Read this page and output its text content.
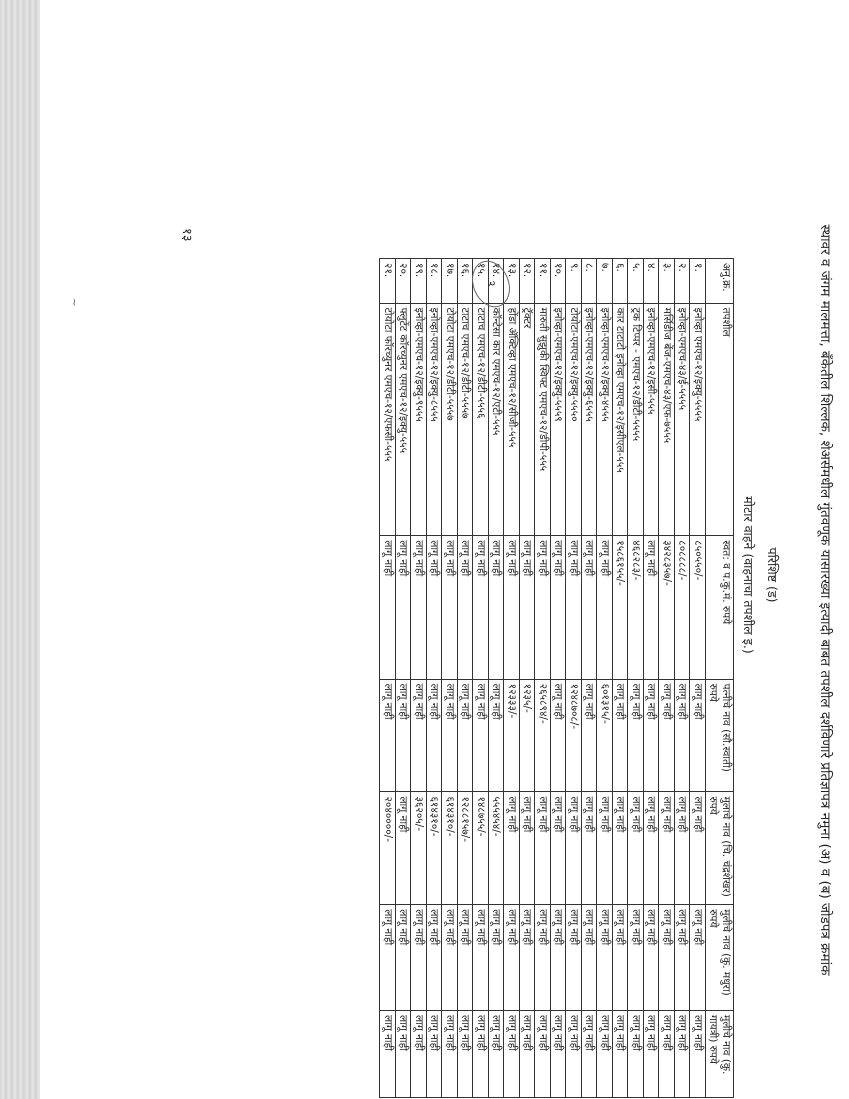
स्थावर व जंगम मालमत्ता, बँकेतील शिल्लक, शेअर्समधील गुंतवणूक यासारख्या इत्यादी बाबत तपशील दर्शविणारे प्रतिज्ञापत्र नमुना (अ) व (ब) जोडपत्र क्रमांक
परिशिष्ट (ड)
मोटार वाहने (वाहनाचा तपशील इ.)
अनु.क्र.	तपशील	स्वत: व प.कु.मं. रुपये	पत्नीचे नाव (सौ.स्वाती) रुपये	मुलाचे नाव (चि. चंद्रशेखर) रुपये	मुलीचे नाव (कु. मधुरा) रुपये	मुलीचे नाव (कु. गायत्री) रुपये
१.	इनोव्हा एमएच-१२/इक्यु-५५५५	८५०५५०/-	लागू नाही	लागू नाही	लागू नाही	लागू नाही
२.	इनोव्हा-एमएच-४३/ई-५५५५	८०८८८८/-	लागू नाही	लागू नाही	लागू नाही	लागू नाही
३.	मर्सिडीज बेंज-एमएच-४३/एफ-७५५५	३४२८३५७/-	लागू नाही	लागू नाही	लागू नाही	लागू नाही
४.	इनोव्हा-एमएच-१२/इसी-५५५	लागू नाही	लागू नाही	लागू नाही	लागू नाही	लागू नाही
५.	ट्रक टिप्पर - एमएच-१२/डीटी-५५५५	४६८२८३/-	लागू नाही	लागू नाही	लागू नाही	लागू नाही
६.	कार टाटाटो इनोव्हा एमएच-१२/इसीएल-५५५	१५८६१५५/-	लागू नाही	लागू नाही	लागू नाही	लागू नाही
७.	इनोव्हा-एमएच-१२/इक्यु-४५५५	लागू नाही	६०१३१५/-	लागू नाही	लागू नाही	लागू नाही
८.	इनोव्हा-एमएच-१२/इक्यु-६५५५	लागू नाही	लागू नाही	लागू नाही	लागू नाही	लागू नाही
९.	टोयोटा-एमएच-१२/इक्यु-५५५०	लागू नाही	१२४८७०८/-	लागू नाही	लागू नाही	लागू नाही
१०.	इनोव्हा-एमएच-१२/इक्यु-५५५९	लागू नाही	लागू नाही	लागू नाही	लागू नाही	लागू नाही
११.	मारुती सुझुकी स्विफ्ट एमएच-१२/डीपी-५५५	लागू नाही	२६५८९४/-	लागू नाही	लागू नाही	लागू नाही
१२.	ट्रॅक्टर	लागू नाही	१२३५/-	लागू नाही	लागू नाही	लागू नाही
१३.	होंडा ॲक्टिव्हा एमएच-१२/सीजी-५५५	लागू नाही	१२३३३/-	लागू नाही	लागू नाही	लागू नाही
१४.	कॉन्टेसा कार एमएच-१२/एटी-५५५	लागू नाही	लागू नाही	५५५४५४/-	लागू नाही	लागू नाही
१५.	टाटाच एमएच-१२/डीटी-५५५६	लागू नाही	लागू नाही	१४८७५५/-	लागू नाही	लागू नाही
१६.	टाटाच एमएच-१२/डीटी-५५५७	लागू नाही	लागू नाही	१२८८१५७/-	लागू नाही	लागू नाही
१७.	टोयोटा एमएच-१२/डीटी-५५५७	लागू नाही	लागू नाही	६१४३१०/-	लागू नाही	लागू नाही
१८.	इनोव्हा-एमएच-१२/इक्यु-८५५५	लागू नाही	लागू नाही	६१४३१०/-	लागू नाही	लागू नाही
१९.	इनोव्हा-एमएच-१२/इक्यु-९५५५	लागू नाही	लागू नाही	३६२०५/-	लागू नाही	लागू नाही
२०.	फ्लुटेंट कॉरच्युनर एमएच-१२/इक्यु-५५५	लागू नाही	लागू नाही	लागू नाही	लागू नाही	लागू नाही
२१.	टोयोटा फॉरच्युनर एमएच-१२/एफसी-५५५	लागू नाही	लागू नाही	२०४००००/-	लागू नाही	लागू नाही
२
~
१३
